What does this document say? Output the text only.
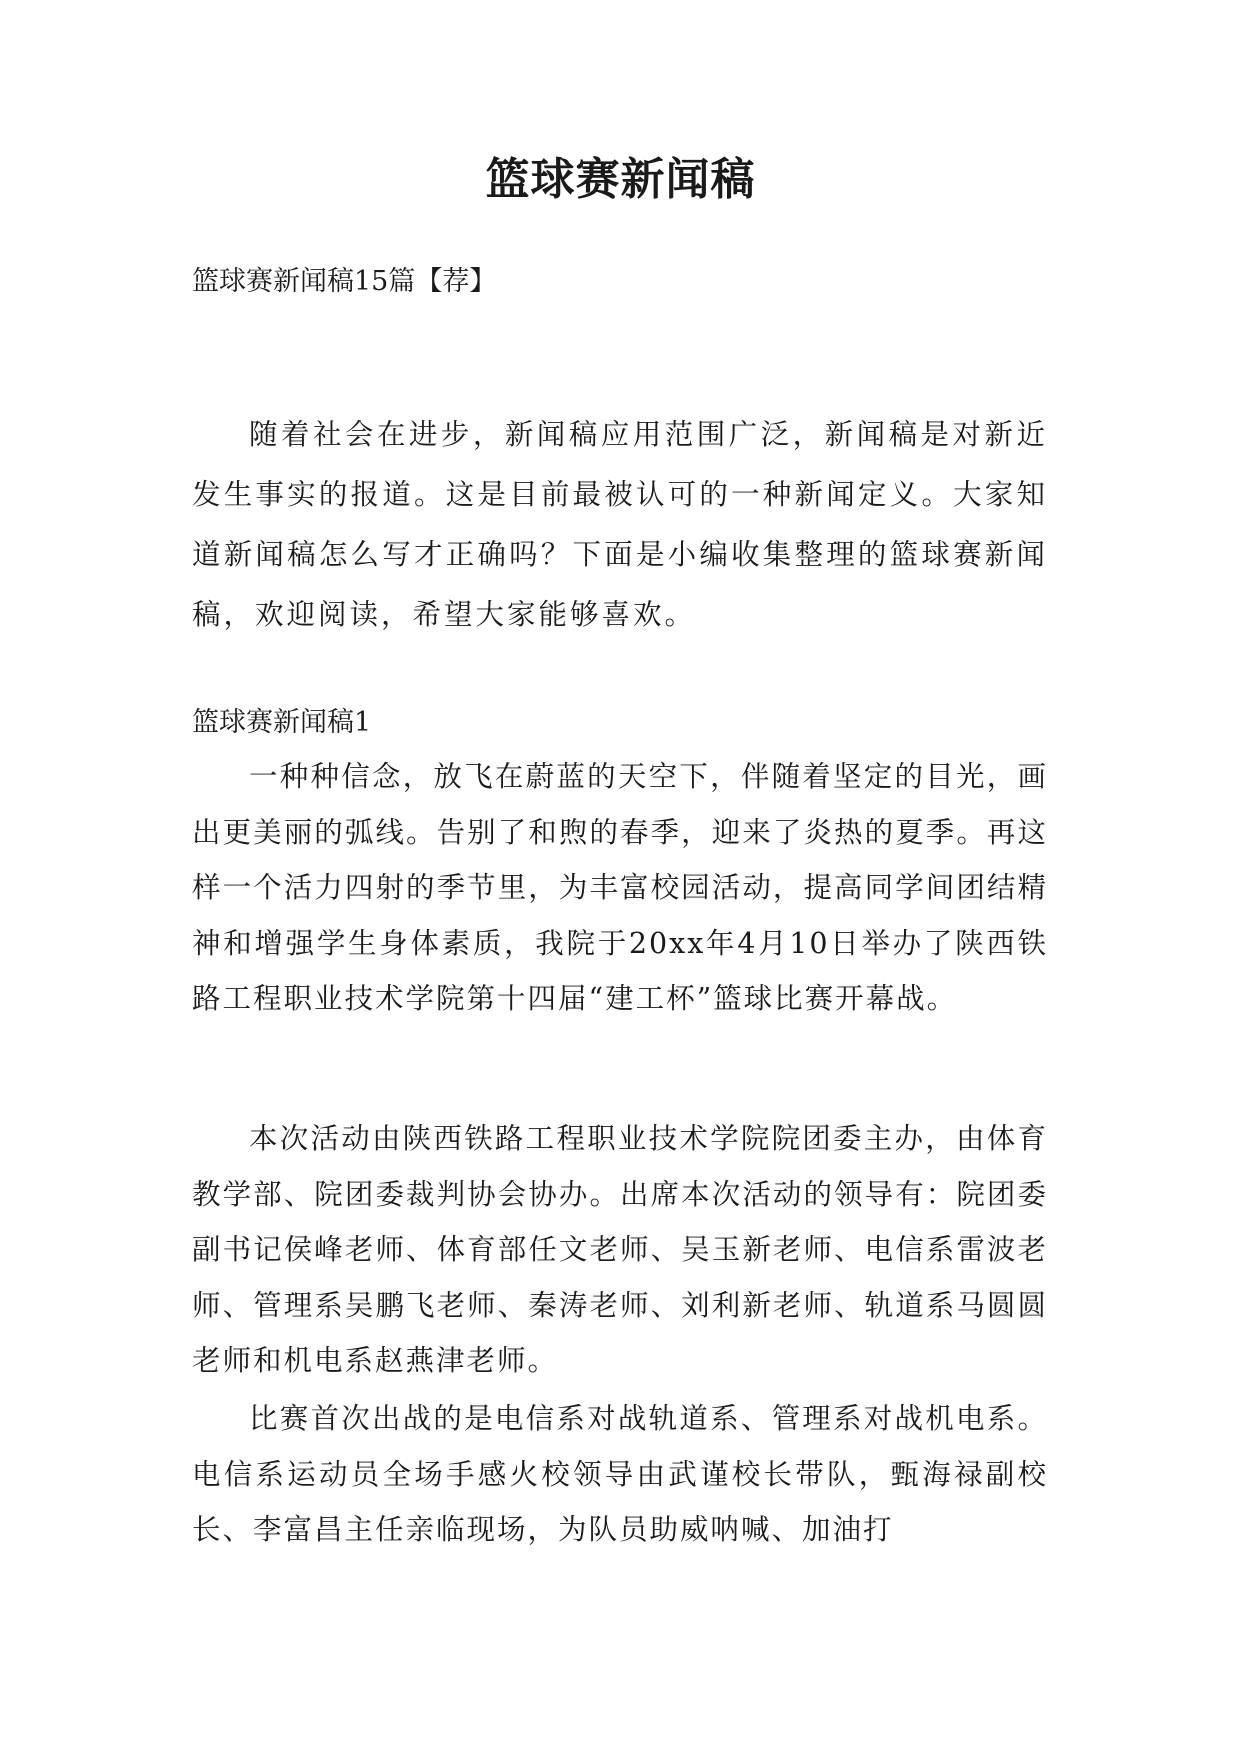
篮球赛新闻稿
篮球赛新闻稿15篇【荐】

随着社会在进步，新闻稿应用范围广泛，新闻稿是对新近发生事实的报道。这是目前最被认可的一种新闻定义。大家知道新闻稿怎么写才正确吗？下面是小编收集整理的篮球赛新闻稿，欢迎阅读，希望大家能够喜欢。

篮球赛新闻稿1

一种种信念，放飞在蔚蓝的天空下，伴随着坚定的目光，画出更美丽的弧线。告别了和煦的春季，迎来了炎热的夏季。再这样一个活力四射的季节里，为丰富校园活动，提高同学间团结精神和增强学生身体素质，我院于20xx年4月10日举办了陕西铁路工程职业技术学院第十四届“建工杯”篮球比赛开幕战。

本次活动由陕西铁路工程职业技术学院院团委主办，由体育教学部、院团委裁判协会协办。出席本次活动的领导有：院团委副书记侯峰老师、体育部任文老师、吴玉新老师、电信系雷波老师、管理系吴鹏飞老师、秦涛老师、刘利新老师、轨道系马圆圆老师和机电系赵燕津老师。

比赛首次出战的是电信系对战轨道系、管理系对战机电系。电信系运动员全场手感火校领导由武谨校长带队，甄海禄副校长、李富昌主任亲临现场，为队员助威呐喊、加油打
